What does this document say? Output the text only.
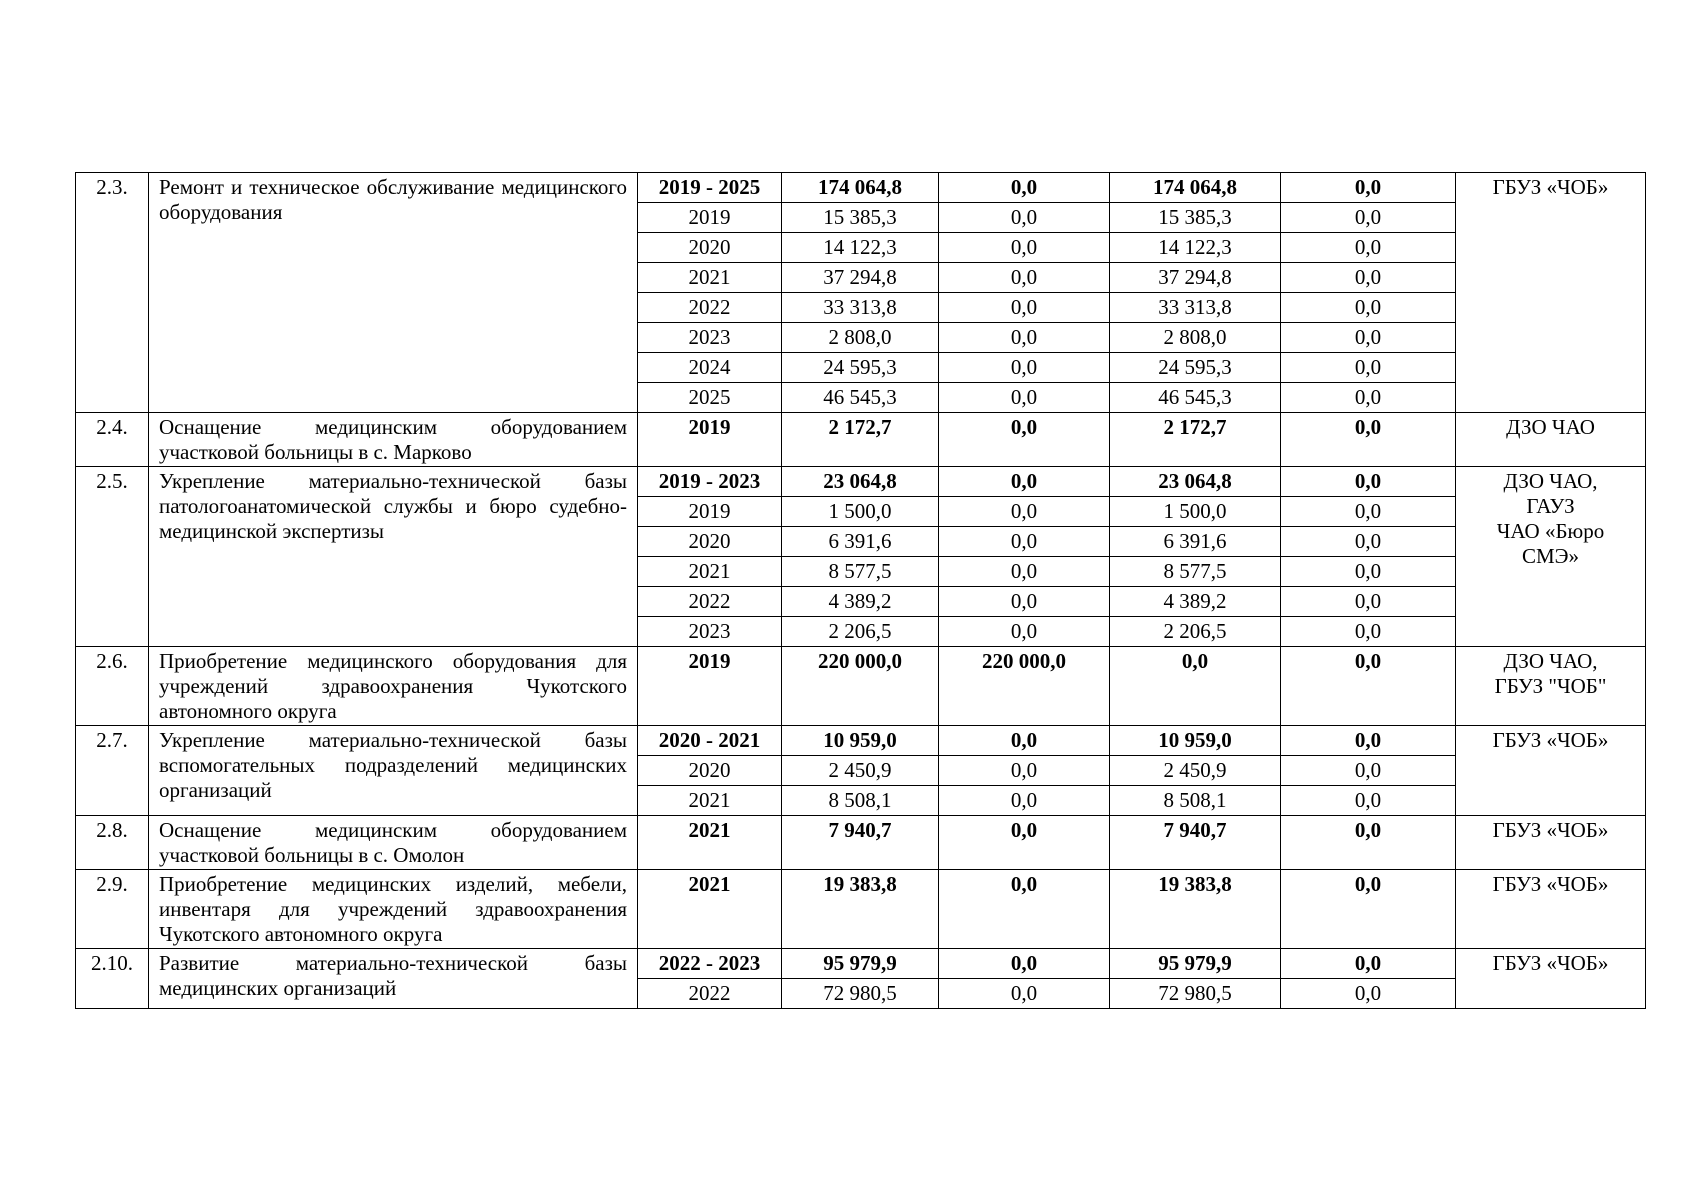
2.3.	Ремонт и техническое обслуживание медицинского оборудования	2019 - 2025	174 064,8	0,0	174 064,8	0,0	ГБУЗ «ЧОБ»
		2019	15 385,3	0,0	15 385,3	0,0	
		2020	14 122,3	0,0	14 122,3	0,0	
		2021	37 294,8	0,0	37 294,8	0,0	
		2022	33 313,8	0,0	33 313,8	0,0	
		2023	2 808,0	0,0	2 808,0	0,0	
		2024	24 595,3	0,0	24 595,3	0,0	
		2025	46 545,3	0,0	46 545,3	0,0	
2.4.	Оснащение медицинским оборудованием участковой больницы в с. Марково	2019	2 172,7	0,0	2 172,7	0,0	ДЗО ЧАО
2.5.	Укрепление материально-технической базы патологоанатомической службы и бюро судебно-медицинской экспертизы	2019 - 2023	23 064,8	0,0	23 064,8	0,0	ДЗО ЧАО,
ГАУЗ
ЧАО «Бюро
СМЭ»
		2019	1 500,0	0,0	1 500,0	0,0	
		2020	6 391,6	0,0	6 391,6	0,0	
		2021	8 577,5	0,0	8 577,5	0,0	
		2022	4 389,2	0,0	4 389,2	0,0	
		2023	2 206,5	0,0	2 206,5	0,0	
2.6.	Приобретение медицинского оборудования для учреждений здравоохранения Чукотского автономного округа	2019	220 000,0	220 000,0	0,0	0,0	ДЗО ЧАО,
ГБУЗ "ЧОБ"
2.7.	Укрепление материально-технической базы вспомогательных подразделений медицинских организаций	2020 - 2021	10 959,0	0,0	10 959,0	0,0	ГБУЗ «ЧОБ»
		2020	2 450,9	0,0	2 450,9	0,0	
		2021	8 508,1	0,0	8 508,1	0,0	
2.8.	Оснащение медицинским оборудованием участковой больницы в с. Омолон	2021	7 940,7	0,0	7 940,7	0,0	ГБУЗ «ЧОБ»
2.9.	Приобретение медицинских изделий, мебели, инвентаря для учреждений здравоохранения Чукотского автономного округа	2021	19 383,8	0,0	19 383,8	0,0	ГБУЗ «ЧОБ»
2.10.	Развитие материально-технической базы медицинских организаций	2022 - 2023	95 979,9	0,0	95 979,9	0,0	ГБУЗ «ЧОБ»
		2022	72 980,5	0,0	72 980,5	0,0	
